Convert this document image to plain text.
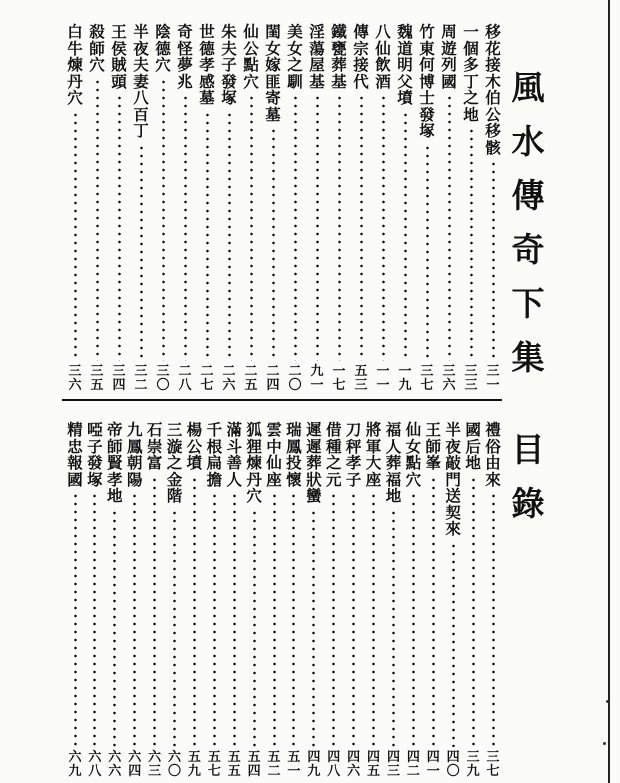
風
水
傳
奇
下
集
目
錄
移
花
接
木
伯
公
移
骸
三
一
一
個
多
丁
之
地
三
三
周
遊
列
國
三
六
竹
東
何
博
士
發
塚
三
七
魏
道
明
父
墳
一
九
八
仙
飲
酒
一
一
傳
宗
接
代
五
三
鐵
甕
葬
基
一
七
淫
蕩
屋
基
九
一
美
女
之
馴
二
〇
閨
女
嫁
匪
寄
墓
二
四
仙
公
點
穴
二
五
朱
夫
子
發
塚
二
六
世
德
孝
感
墓
二
七
奇
怪
夢
兆
二
八
陰
德
穴
三
〇
半
夜
夫
妻
八
百
丁
三
二
王
侯
賊
頭
三
四
殺
師
穴
三
五
白
牛
煉
丹
穴
三
六
禮
俗
由
來
三
七
國
后
地
三
九
半
夜
敲
門
送
契
來
四
〇
王
師
峯
四
一
仙
女
點
穴
四
二
福
人
葬
福
地
四
三
將
軍
大
座
四
五
刀
秤
孝
子
四
六
借
種
之
元
四
八
遲
遲
葬
狀
蠻
四
九
瑞
鳳
投
懷
五
一
雲
中
仙
座
五
二
狐
狸
煉
丹
穴
五
四
滿
斗
善
人
五
五
千
根
扁
擔
五
七
楊
公
墳
五
九
三
漩
之
金
階
六
〇
石
崇
富
六
三
九
鳳
朝
陽
六
四
帝
師
賢
孝
地
六
六
啞
子
發
塚
六
八
精
忠
報
國
六
九
